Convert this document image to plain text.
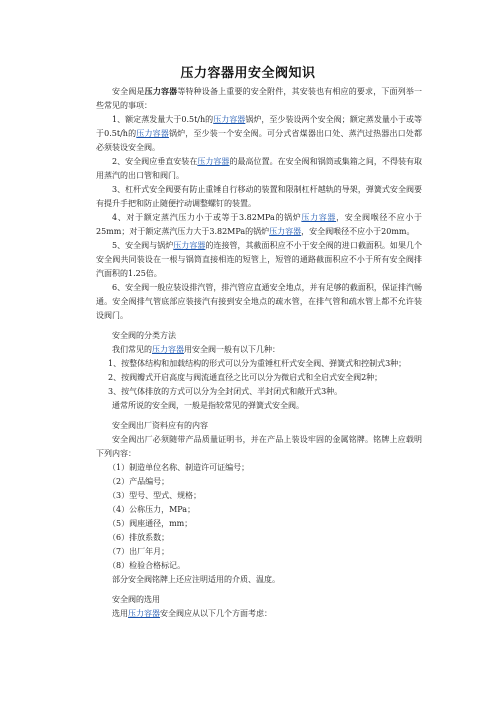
压力容器用安全阀知识

安全阀是压力容器等特种设备上重要的安全附件，其安装也有相应的要求，下面列举一些常见的事项：

1、额定蒸发量大于0.5t/h的压力容器锅炉，至少装设两个安全阀；额定蒸发量小于或等于0.5t/h的压力容器锅炉，至少装一个安全阀。可分式省煤器出口处、蒸汽过热器出口处都必须装设安全阀。

2、安全阀应垂直安装在压力容器的最高位置。在安全阀和锅筒或集箱之间，不得装有取用蒸汽的出口管和阀门。

3、杠杆式安全阀要有防止重锤自行移动的装置和限制杠杆越轨的导架，弹簧式安全阀要有提升手把和防止随便拧动调整螺钉的装置。

4、对于额定蒸汽压力小于或等于3.82MPa的锅炉压力容器，安全阀喉径不应小于25mm；对于额定蒸汽压力大于3.82MPa的锅炉压力容器，安全阀喉径不应小于20mm。

5、安全阀与锅炉压力容器的连接管，其截面积应不小于安全阀的进口截面积。如果几个安全阀共同装设在一根与锅筒直接相连的短管上，短管的通路截面积应不小于所有安全阀排汽面积的1.25倍。

6、安全阀一般应装设排汽管，排汽管应直通安全地点，并有足够的截面积，保证排汽畅通。安全阀排气管底部应装接汽有接到安全地点的疏水管，在排气管和疏水管上都不允许装设阀门。

安全阀的分类方法

我们常见的压力容器用安全阀一般有以下几种：

1、按整体结构和加载结构的形式可以分为重锤杠杆式安全阀、弹簧式和控制式3种；

2、按阀瓣式开启高度与阀流通直径之比可以分为微启式和全启式安全阀2种；

3、按气体排放的方式可以分为全封闭式、半封闭式和敞开式3种。

通常所说的安全阀，一般是指较常见的弹簧式安全阀。

安全阀出厂资料应有的内容

安全阀出厂必须随带产品质量证明书，并在产品上装设牢固的金属铭牌。铭牌上应载明下列内容：

（1）制造单位名称、制造许可证编号；

（2）产品编号；

（3）型号、型式、规格；

（4）公称压力，MPa；

（5）阀座通径，mm；

（6）排放系数；

（7）出厂年月；

（8）检验合格标记。

部分安全阀铭牌上还应注明适用的介质、温度。

安全阀的选用

选用压力容器安全阀应从以下几个方面考虑：
